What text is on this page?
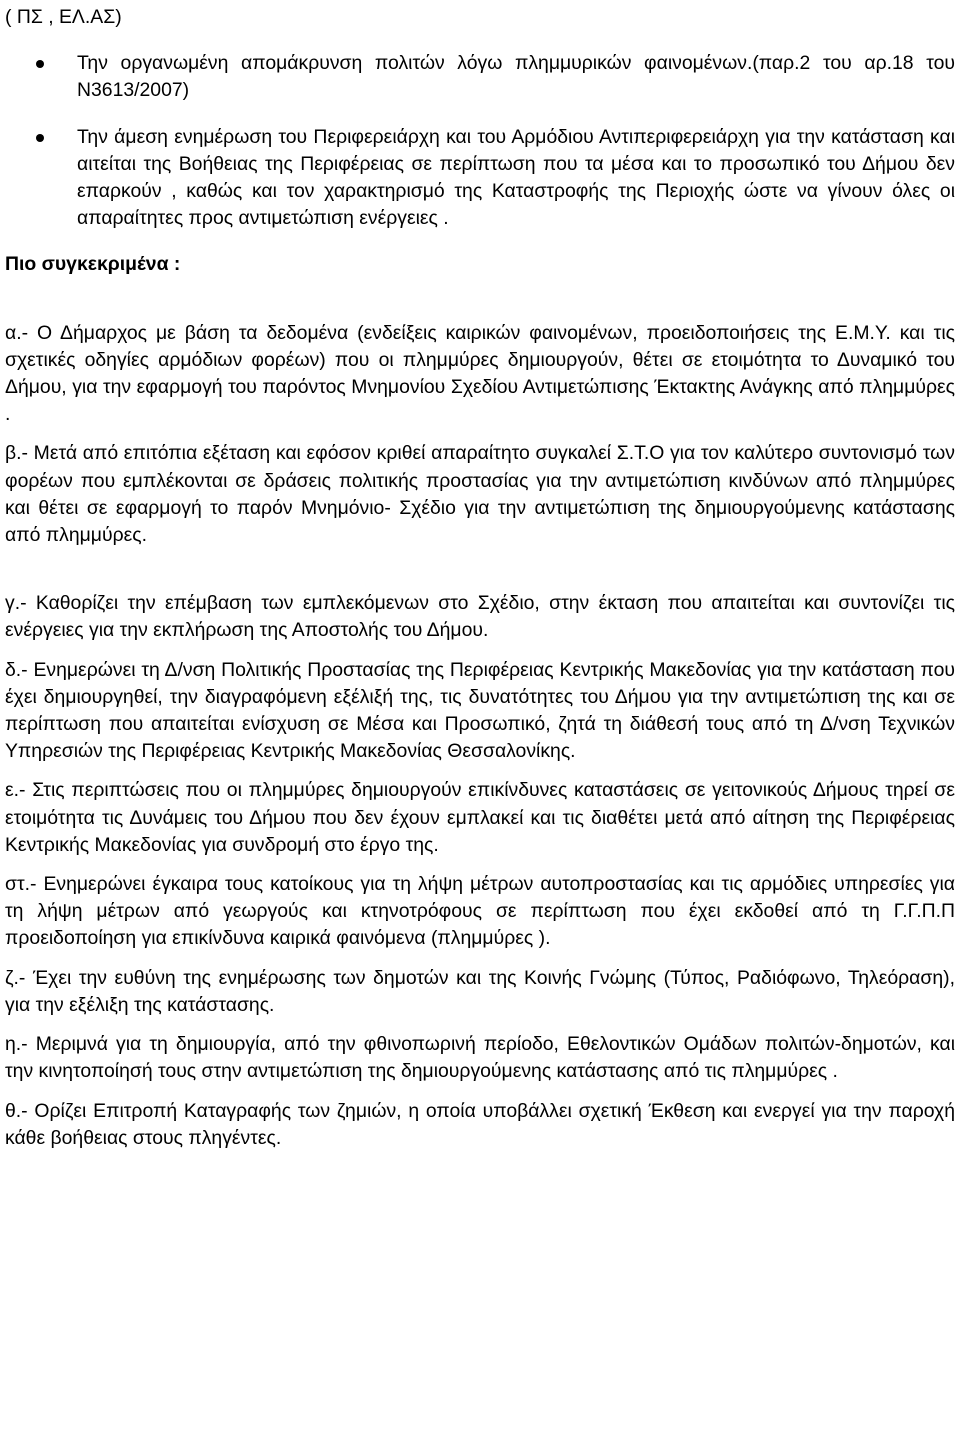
( ΠΣ , ΕΛ.ΑΣ)

Την οργανωμένη απομάκρυνση πολιτών λόγω πλημμυρικών φαινομένων.(παρ.2 του αρ.18 του Ν3613/2007)
Την άμεση ενημέρωση του Περιφερειάρχη και του Αρμόδιου Αντιπεριφερειάρχη για την κατάσταση και αιτείται της Βοήθειας της Περιφέρειας σε περίπτωση που τα μέσα και το προσωπικό του Δήμου δεν επαρκούν , καθώς και τον χαρακτηρισμό της Καταστροφής της Περιοχής ώστε να γίνουν όλες οι απαραίτητες προς αντιμετώπιση ενέργειες .

Πιο συγκεκριμένα :

α.- Ο Δήμαρχος με βάση τα δεδομένα (ενδείξεις καιρικών φαινομένων, προειδοποιήσεις της Ε.Μ.Υ. και τις σχετικές οδηγίες αρμόδιων φορέων) που οι πλημμύρες δημιουργούν, θέτει σε ετοιμότητα το Δυναμικό του Δήμου, για την εφαρμογή του παρόντος Μνημονίου Σχεδίου Αντιμετώπισης Έκτακτης Ανάγκης από πλημμύρες .

β.- Μετά από επιτόπια εξέταση και εφόσον κριθεί απαραίτητο συγκαλεί Σ.Τ.Ο για τον καλύτερο συντονισμό των φορέων που εμπλέκονται σε δράσεις πολιτικής προστασίας για την αντιμετώπιση κινδύνων από πλημμύρες και θέτει σε εφαρμογή το παρόν Μνημόνιο- Σχέδιο για την αντιμετώπιση της δημιουργούμενης κατάστασης από πλημμύρες.

γ.- Καθορίζει την επέμβαση των εμπλεκόμενων στο Σχέδιο, στην έκταση που απαιτείται και συντονίζει τις ενέργειες για την εκπλήρωση της Αποστολής του Δήμου.

δ.- Ενημερώνει τη Δ/νση Πολιτικής Προστασίας της Περιφέρειας Κεντρικής Μακεδονίας για την κατάσταση που έχει δημιουργηθεί, την διαγραφόμενη εξέλιξή της, τις δυνατότητες του Δήμου για την αντιμετώπιση της και σε περίπτωση που απαιτείται ενίσχυση σε Μέσα και Προσωπικό, ζητά τη διάθεσή τους από τη Δ/νση Τεχνικών Υπηρεσιών της Περιφέρειας Κεντρικής Μακεδονίας Θεσσαλονίκης.

ε.- Στις περιπτώσεις που οι πλημμύρες δημιουργούν επικίνδυνες καταστάσεις σε γειτονικούς Δήμους τηρεί σε ετοιμότητα τις Δυνάμεις του Δήμου που δεν έχουν εμπλακεί και τις διαθέτει μετά από αίτηση της Περιφέρειας Κεντρικής Μακεδονίας για συνδρομή στο έργο της.

στ.- Ενημερώνει έγκαιρα τους κατοίκους για τη λήψη μέτρων αυτοπροστασίας και τις αρμόδιες υπηρεσίες για τη λήψη μέτρων από γεωργούς και κτηνοτρόφους σε περίπτωση που έχει εκδοθεί από τη Γ.Γ.Π.Π προειδοποίηση για επικίνδυνα καιρικά φαινόμενα (πλημμύρες ).

ζ.- Έχει την ευθύνη της ενημέρωσης των δημοτών και της Κοινής Γνώμης (Τύπος, Ραδιόφωνο, Τηλεόραση), για την εξέλιξη της κατάστασης.

η.- Μεριμνά για τη δημιουργία, από την φθινοπωρινή περίοδο, Εθελοντικών Ομάδων πολιτών-δημοτών, και την κινητοποίησή τους στην αντιμετώπιση της δημιουργούμενης κατάστασης από τις πλημμύρες .

θ.- Ορίζει Επιτροπή Καταγραφής των ζημιών, η οποία υποβάλλει σχετική Έκθεση και ενεργεί για την παροχή κάθε βοήθειας στους πληγέντες.
